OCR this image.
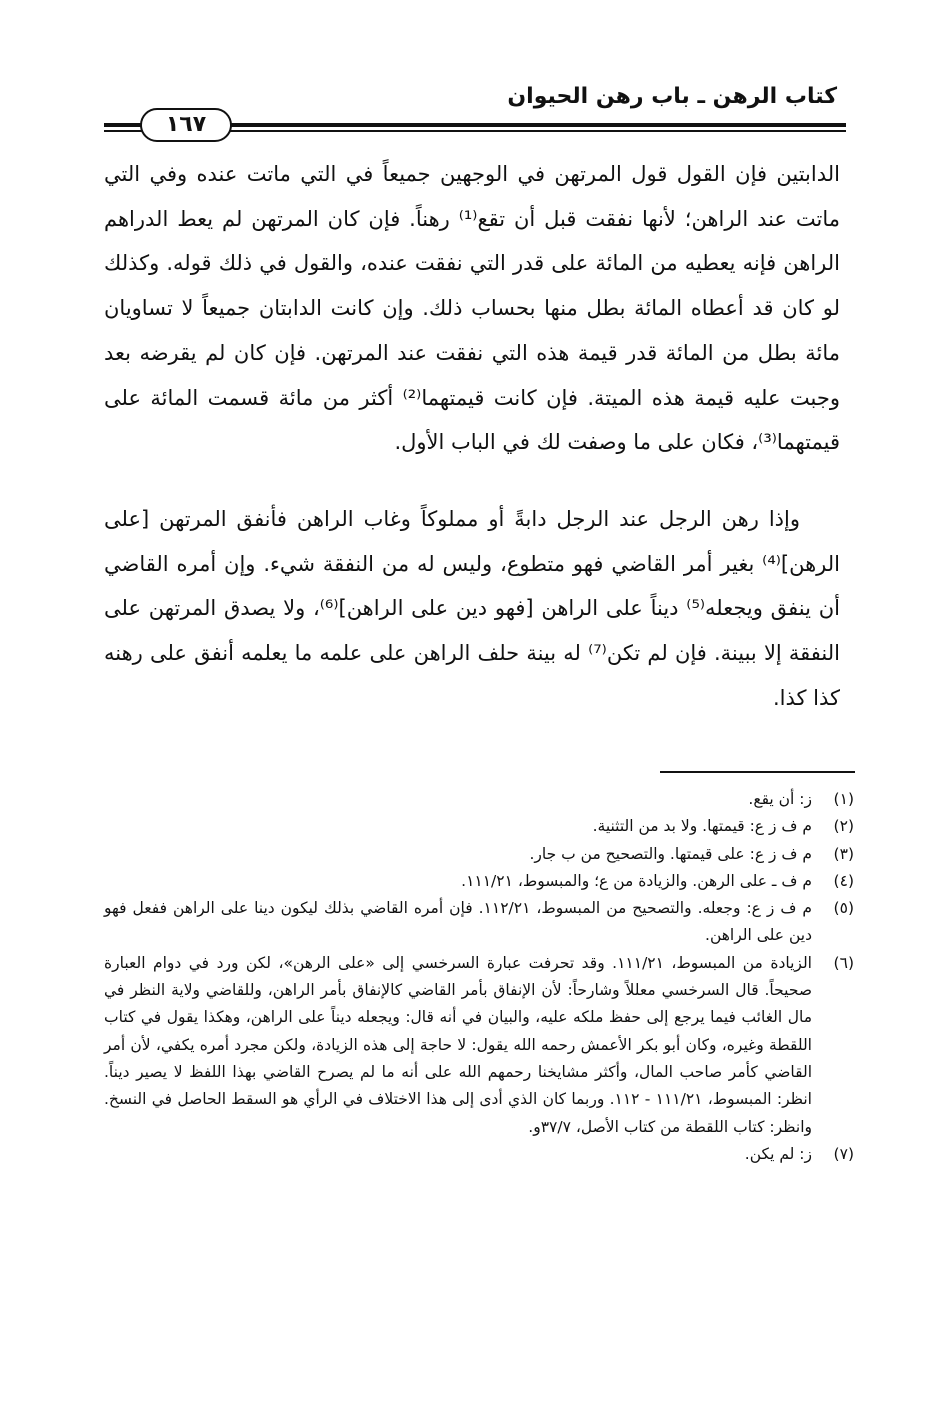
كتاب الرهن ـ باب رهن الحيوان
١٦٧

الدابتين فإن القول قول المرتهن في الوجهين جميعاً في التي ماتت عنده وفي التي ماتت عند الراهن؛ لأنها نفقت قبل أن تقع⁽¹⁾ رهناً. فإن كان المرتهن لم يعط الدراهم الراهن فإنه يعطيه من المائة على قدر التي نفقت عنده، والقول في ذلك قوله. وكذلك لو كان قد أعطاه المائة بطل منها بحساب ذلك. وإن كانت الدابتان جميعاً لا تساويان مائة بطل من المائة قدر قيمة هذه التي نفقت عند المرتهن. فإن كان لم يقرضه بعد وجبت عليه قيمة هذه الميتة. فإن كانت قيمتهما⁽²⁾ أكثر من مائة قسمت المائة على قيمتهما⁽³⁾، فكان على ما وصفت لك في الباب الأول.

وإذا رهن الرجل عند الرجل دابةً أو مملوكاً وغاب الراهن فأنفق المرتهن [على الرهن]⁽⁴⁾ بغير أمر القاضي فهو متطوع، وليس له من النفقة شيء. وإن أمره القاضي أن ينفق ويجعله⁽⁵⁾ ديناً على الراهن [فهو دين على الراهن]⁽⁶⁾، ولا يصدق المرتهن على النفقة إلا ببينة. فإن لم تكن⁽⁷⁾ له بينة حلف الراهن على علمه ما يعلمه أنفق على رهنه كذا كذا.

(١)
ز: أن يقع.
(٢)
م ف ز ع: قيمتها. ولا بد من التثنية.
(٣)
م ف ز ع: على قيمتها. والتصحيح من ب جار.
(٤)
م ف ـ على الرهن. والزيادة من ع؛ والمبسوط، ١١١/٢١.
(٥)
م ف ز ع: وجعله. والتصحيح من المبسوط، ١١٢/٢١. فإن أمره القاضي بذلك ليكون دينا على الراهن ففعل فهو دين على الراهن.
(٦)
الزيادة من المبسوط، ١١١/٢١. وقد تحرفت عبارة السرخسي إلى «على الرهن»، لكن ورد في دوام العبارة صحيحاً. قال السرخسي معللاً وشارحاً: لأن الإنفاق بأمر القاضي كالإنفاق بأمر الراهن، وللقاضي ولاية النظر في مال الغائب فيما يرجع إلى حفظ ملكه عليه، والبيان في أنه قال: ويجعله ديناً على الراهن، وهكذا يقول في كتاب اللقطة وغيره، وكان أبو بكر الأعمش رحمه الله يقول: لا حاجة إلى هذه الزيادة، ولكن مجرد أمره يكفي، لأن أمر القاضي كأمر صاحب المال، وأكثر مشايخنا رحمهم الله على أنه ما لم يصرح القاضي بهذا اللفظ لا يصير ديناً. انظر: المبسوط، ١١١/٢١ - ١١٢. وربما كان الذي أدى إلى هذا الاختلاف في الرأي هو السقط الحاصل في النسخ. وانظر: كتاب اللقطة من كتاب الأصل، ٣٧/٧و.
(٧)
ز: لم يكن.
